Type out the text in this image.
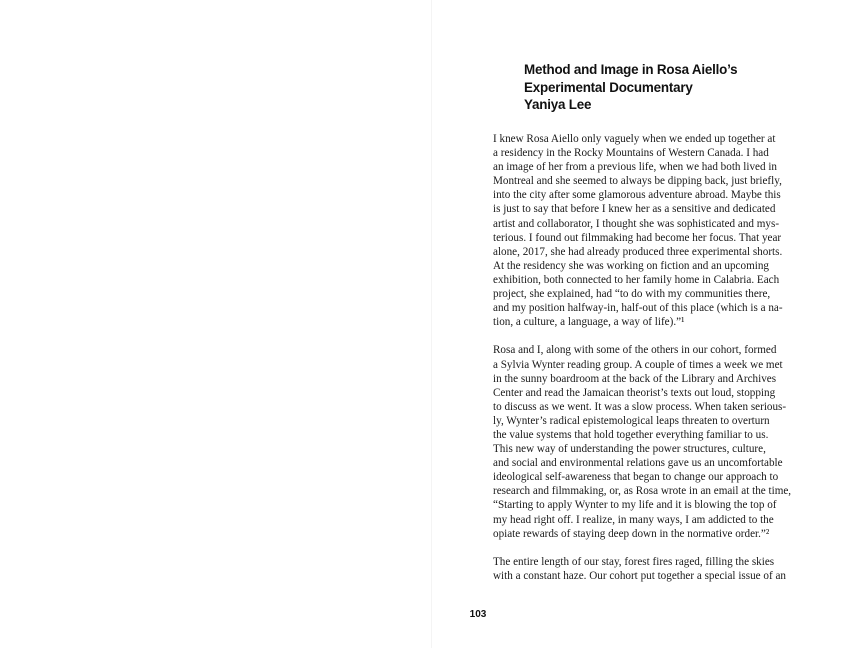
Method and Image in Rosa Aiello’s
Experimental Documentary
Yaniya Lee
I knew Rosa Aiello only vaguely when we ended up together at
a residency in the Rocky Mountains of Western Canada. I had
an image of her from a previous life, when we had both lived in
Montreal and she seemed to always be dipping back, just briefly,
into the city after some glamorous adventure abroad. Maybe this
is just to say that before I knew her as a sensitive and dedicated
artist and collaborator, I thought she was sophisticated and mys-
terious. I found out filmmaking had become her focus. That year
alone, 2017, she had already produced three experimental shorts.
At the residency she was working on fiction and an upcoming
exhibition, both connected to her family home in Calabria. Each
project, she explained, had “to do with my communities there,
and my position halfway-in, half-out of this place (which is a na-
tion, a culture, a language, a way of life).”¹
Rosa and I, along with some of the others in our cohort, formed
a Sylvia Wynter reading group. A couple of times a week we met
in the sunny boardroom at the back of the Library and Archives
Center and read the Jamaican theorist’s texts out loud, stopping
to discuss as we went. It was a slow process. When taken serious-
ly, Wynter’s radical epistemological leaps threaten to overturn
the value systems that hold together everything familiar to us.
This new way of understanding the power structures, culture,
and social and environmental relations gave us an uncomfortable
ideological self-awareness that began to change our approach to
research and filmmaking, or, as Rosa wrote in an email at the time,
“Starting to apply Wynter to my life and it is blowing the top of
my head right off. I realize, in many ways, I am addicted to the
opiate rewards of staying deep down in the normative order.”²
The entire length of our stay, forest fires raged, filling the skies
with a constant haze. Our cohort put together a special issue of an
103
